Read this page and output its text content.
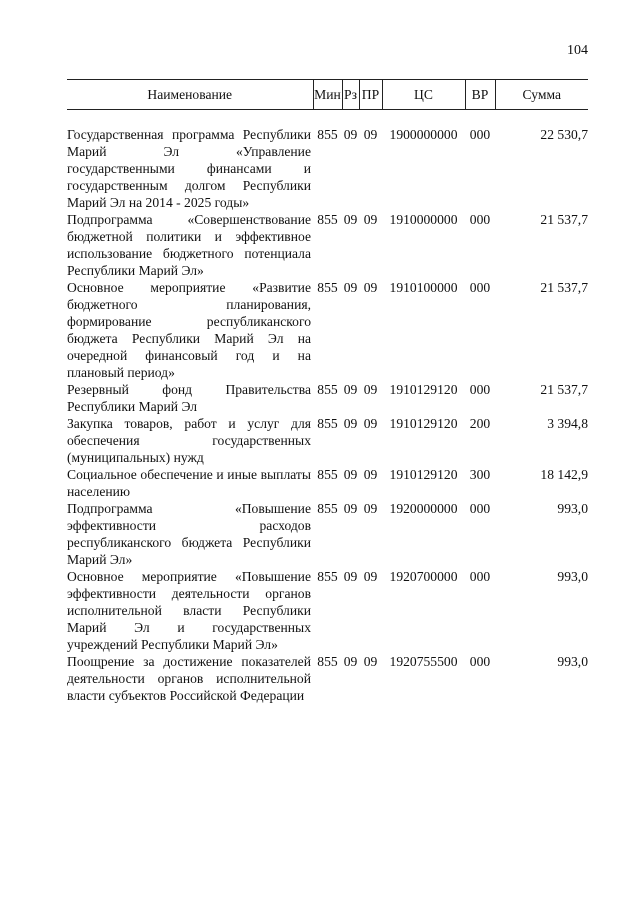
104
Наименование	Мин	Рз	ПР	ЦС	ВР	Сумма

Государственная программа Республики Марий Эл «Управление государственными финансами и государственным долгом Республики Марий Эл на 2014 - 2025 годы»	855	09	09	1900000000	000	22 530,7
Подпрограмма «Совершенствование бюджетной политики и эффективное использование бюджетного потенциала Республики Марий Эл»	855	09	09	1910000000	000	21 537,7
Основное мероприятие «Развитие бюджетного планирования, формирование республиканского бюджета Республики Марий Эл на очередной финансовый год и на плановый период»	855	09	09	1910100000	000	21 537,7
Резервный фонд Правительства Республики Марий Эл	855	09	09	1910129120	000	21 537,7
Закупка товаров, работ и услуг для обеспечения государственных (муниципальных) нужд	855	09	09	1910129120	200	3 394,8
Социальное обеспечение и иные выплаты населению	855	09	09	1910129120	300	18 142,9
Подпрограмма «Повышение эффективности расходов республиканского бюджета Республики Марий Эл»	855	09	09	1920000000	000	993,0
Основное мероприятие «Повышение эффективности деятельности органов исполнительной власти Республики Марий Эл и государственных учреждений Республики Марий Эл»	855	09	09	1920700000	000	993,0
Поощрение за достижение показателей деятельности органов исполнительной власти субъектов Российской Федерации	855	09	09	1920755500	000	993,0
